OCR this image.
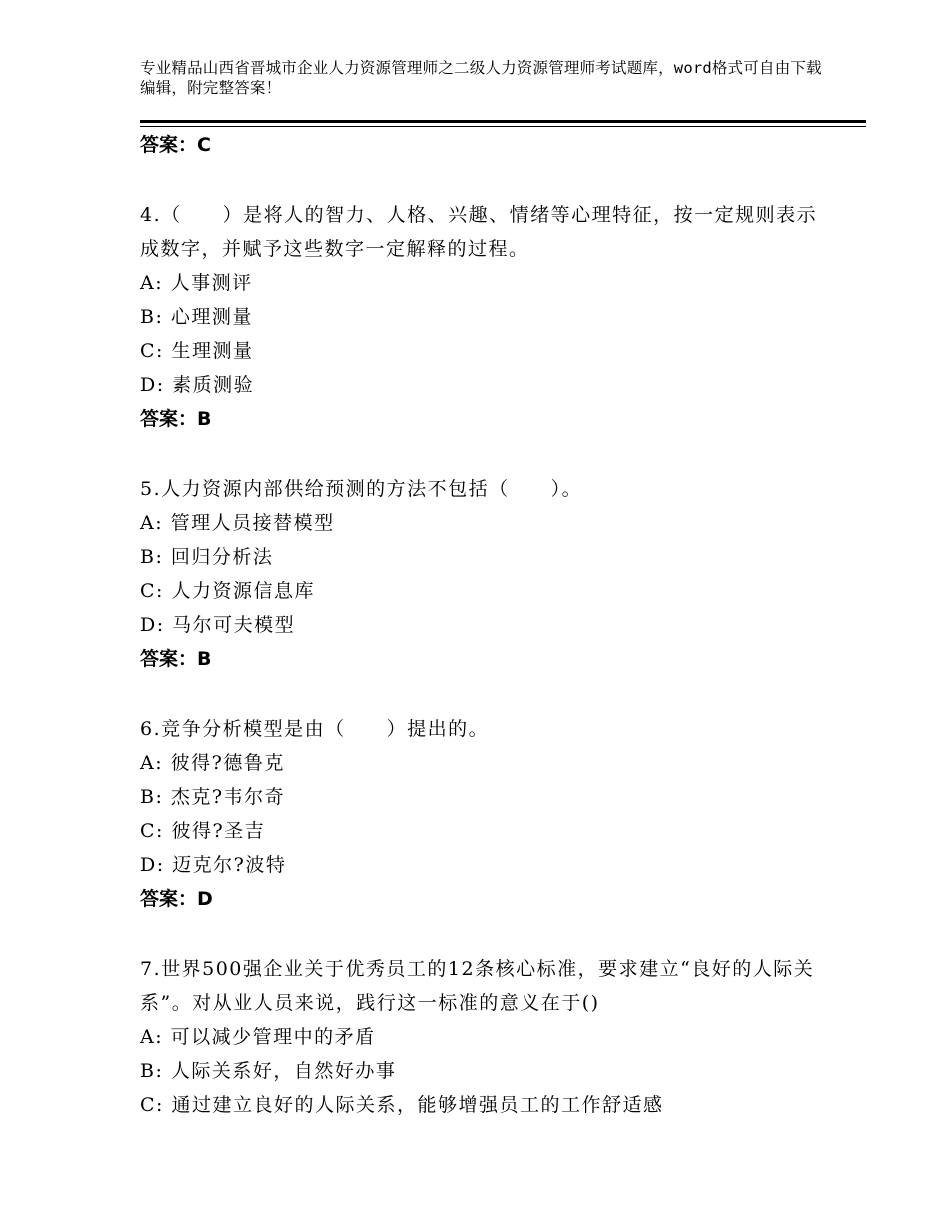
专业精品山西省晋城市企业人力资源管理师之二级人力资源管理师考试题库，word格式可自由下载编辑，附完整答案！
答案：C
4.（　　）是将人的智力、人格、兴趣、情绪等心理特征，按一定规则表示成数字，并赋予这些数字一定解释的过程。
A: 人事测评
B: 心理测量
C: 生理测量
D: 素质测验
答案：B
5.人力资源内部供给预测的方法不包括（　　）。
A: 管理人员接替模型
B: 回归分析法
C: 人力资源信息库
D: 马尔可夫模型
答案：B
6.竞争分析模型是由（　　）提出的。
A: 彼得?德鲁克
B: 杰克?韦尔奇
C: 彼得?圣吉
D: 迈克尔?波特
答案：D
7.世界500强企业关于优秀员工的12条核心标准，要求建立“良好的人际关系”。对从业人员来说，践行这一标准的意义在于()
A: 可以减少管理中的矛盾
B: 人际关系好，自然好办事
C: 通过建立良好的人际关系，能够增强员工的工作舒适感
